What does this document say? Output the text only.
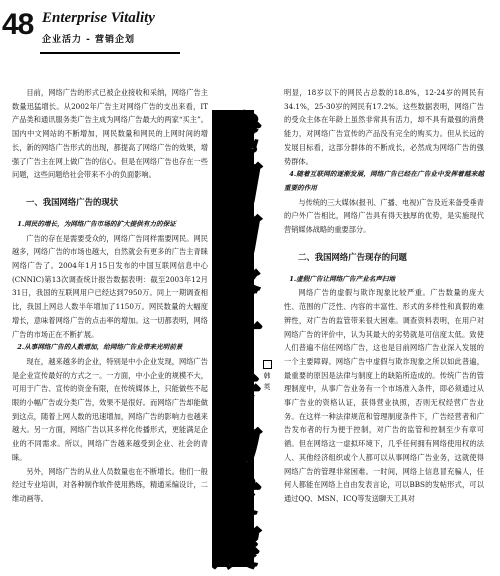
48 Enterprise Vitality
企业活力 - 营销企划

目前，网络广告的形式已被企业接收和采纳，网络广告主数量迅猛增长。从2002年广告主对网络广告的支出来看，IT产品类和通讯服务类广告主成为网络广告最大的两家“买主”。国内中文网站的不断增加，网民数量和网民的上网时间的增长，新的网络广告形式的出现，都提高了网络广告的效果，增强了广告主在网上做广告的信心。但是在网络广告也存在一些问题，这些问题给社会带来不小的负面影响。

一、我国网络广告的现状
1.网民的增长，为网络广告市场的扩大提供有力的保证

广告的存在是需要受众的，网络广告同样需要网民。网民越多，网络广告的市场也越大，自然就会有更多的广告主青睐网络广告了。2004年1月15日发布的中国互联网信息中心(CNNIC)第13次调查统计报告数据表明：截至2003年12月31日，我国的互联网用户已经达到7950万。同上一期调查相比，我国上网总人数半年增加了1150万。网民数量的大幅度增长，意味着网络广告的点击率的增加。这一切都表明，网络广告的市场正在不断扩展。

2.从事网络广告的人数增加，给网络广告业带来光明前景

现在，越来越多的企业，特别是中小企业发现，网络广告是企业宣传最好的方式之一。一方面，中小企业的规模不大，可用于广告、宣传的资金有限，在传统媒体上，只能做些不起眼的小幅广告或分类广告，效果不是很好。而网络广告却能做到这点，随着上网人数的迅速增加，网络广告的影响力也越来越大。另一方面，网络广告以其多样化传播形式，更能满足企业的不同需求。所以，网络广告越来越受到企业、社会的青睐。

另外，网络广告的从业人员数量也在不断增长。他们一般经过专业培训，对各种制作软件使用熟练，精通采编设计，二维动画等。

我
国
网
络
广
告
的
发
展
韩英

明显，18岁以下的网民占总数的18.8%，12-24岁的网民有34.1%，25-30岁的网民有17.2%。这些数据表明，网络广告的受众主体在年龄上虽然非常具有活力，却不具有最强的消费能力，对网络广告宣传的产品没有完全的购买力。但从长远的发展目标看，这部分群体的不断成长，必然成为网络广告的强势群体。

4.随着互联网的逐渐发展，网络广告已经在广告业中发挥着越来越重要的作用

与传统的三大媒体(报刊、广播、电视)广告及近来备受垂青的户外广告相比，网络广告具有得天独厚的优势，是实施现代营销媒体战略的重要部分。

二、我国网络广告现存的问题
1.虚假广告让网络广告产业名声扫地

网络广告的虚假与欺诈现象比较严重。广告数量的庞大性、范围的广泛性、内容的丰富性、形式的多样性和真假的难辨性，对广告的监管带来很大困难。调查资料表明，在用户对网络广告的评价中，认为其最大的劣势就是可信度太低。致使人们普遍不信任网络广告，这也是目前网络广告业深入发展的一个主要障碍。网络广告中虚假与欺诈现象之所以如此普遍，最重要的原因是法律与制度上的缺陷所造成的。传统广告的管理制度中，从事广告业务有一个市场准入条件，即必须通过从事广告业的资格认证，获得营业执照，否则无权经营广告业务。在这样一种法律规范和管理制度条件下，广告经营者和广告发布者的行为便于控制，对广告的监管和控制至少有章可循。但在网络这一虚拟环境下，几乎任何拥有网络使用权的法人、其他经济组织或个人都可以从事网络广告业务，这就使得网络广告的管理非常困难。一时间，网络上信息冒充骗人，任何人都能在网络上自由发表言论，可以BBS的发帖形式，可以通过QQ、MSN、ICQ等发送聊天工具对
